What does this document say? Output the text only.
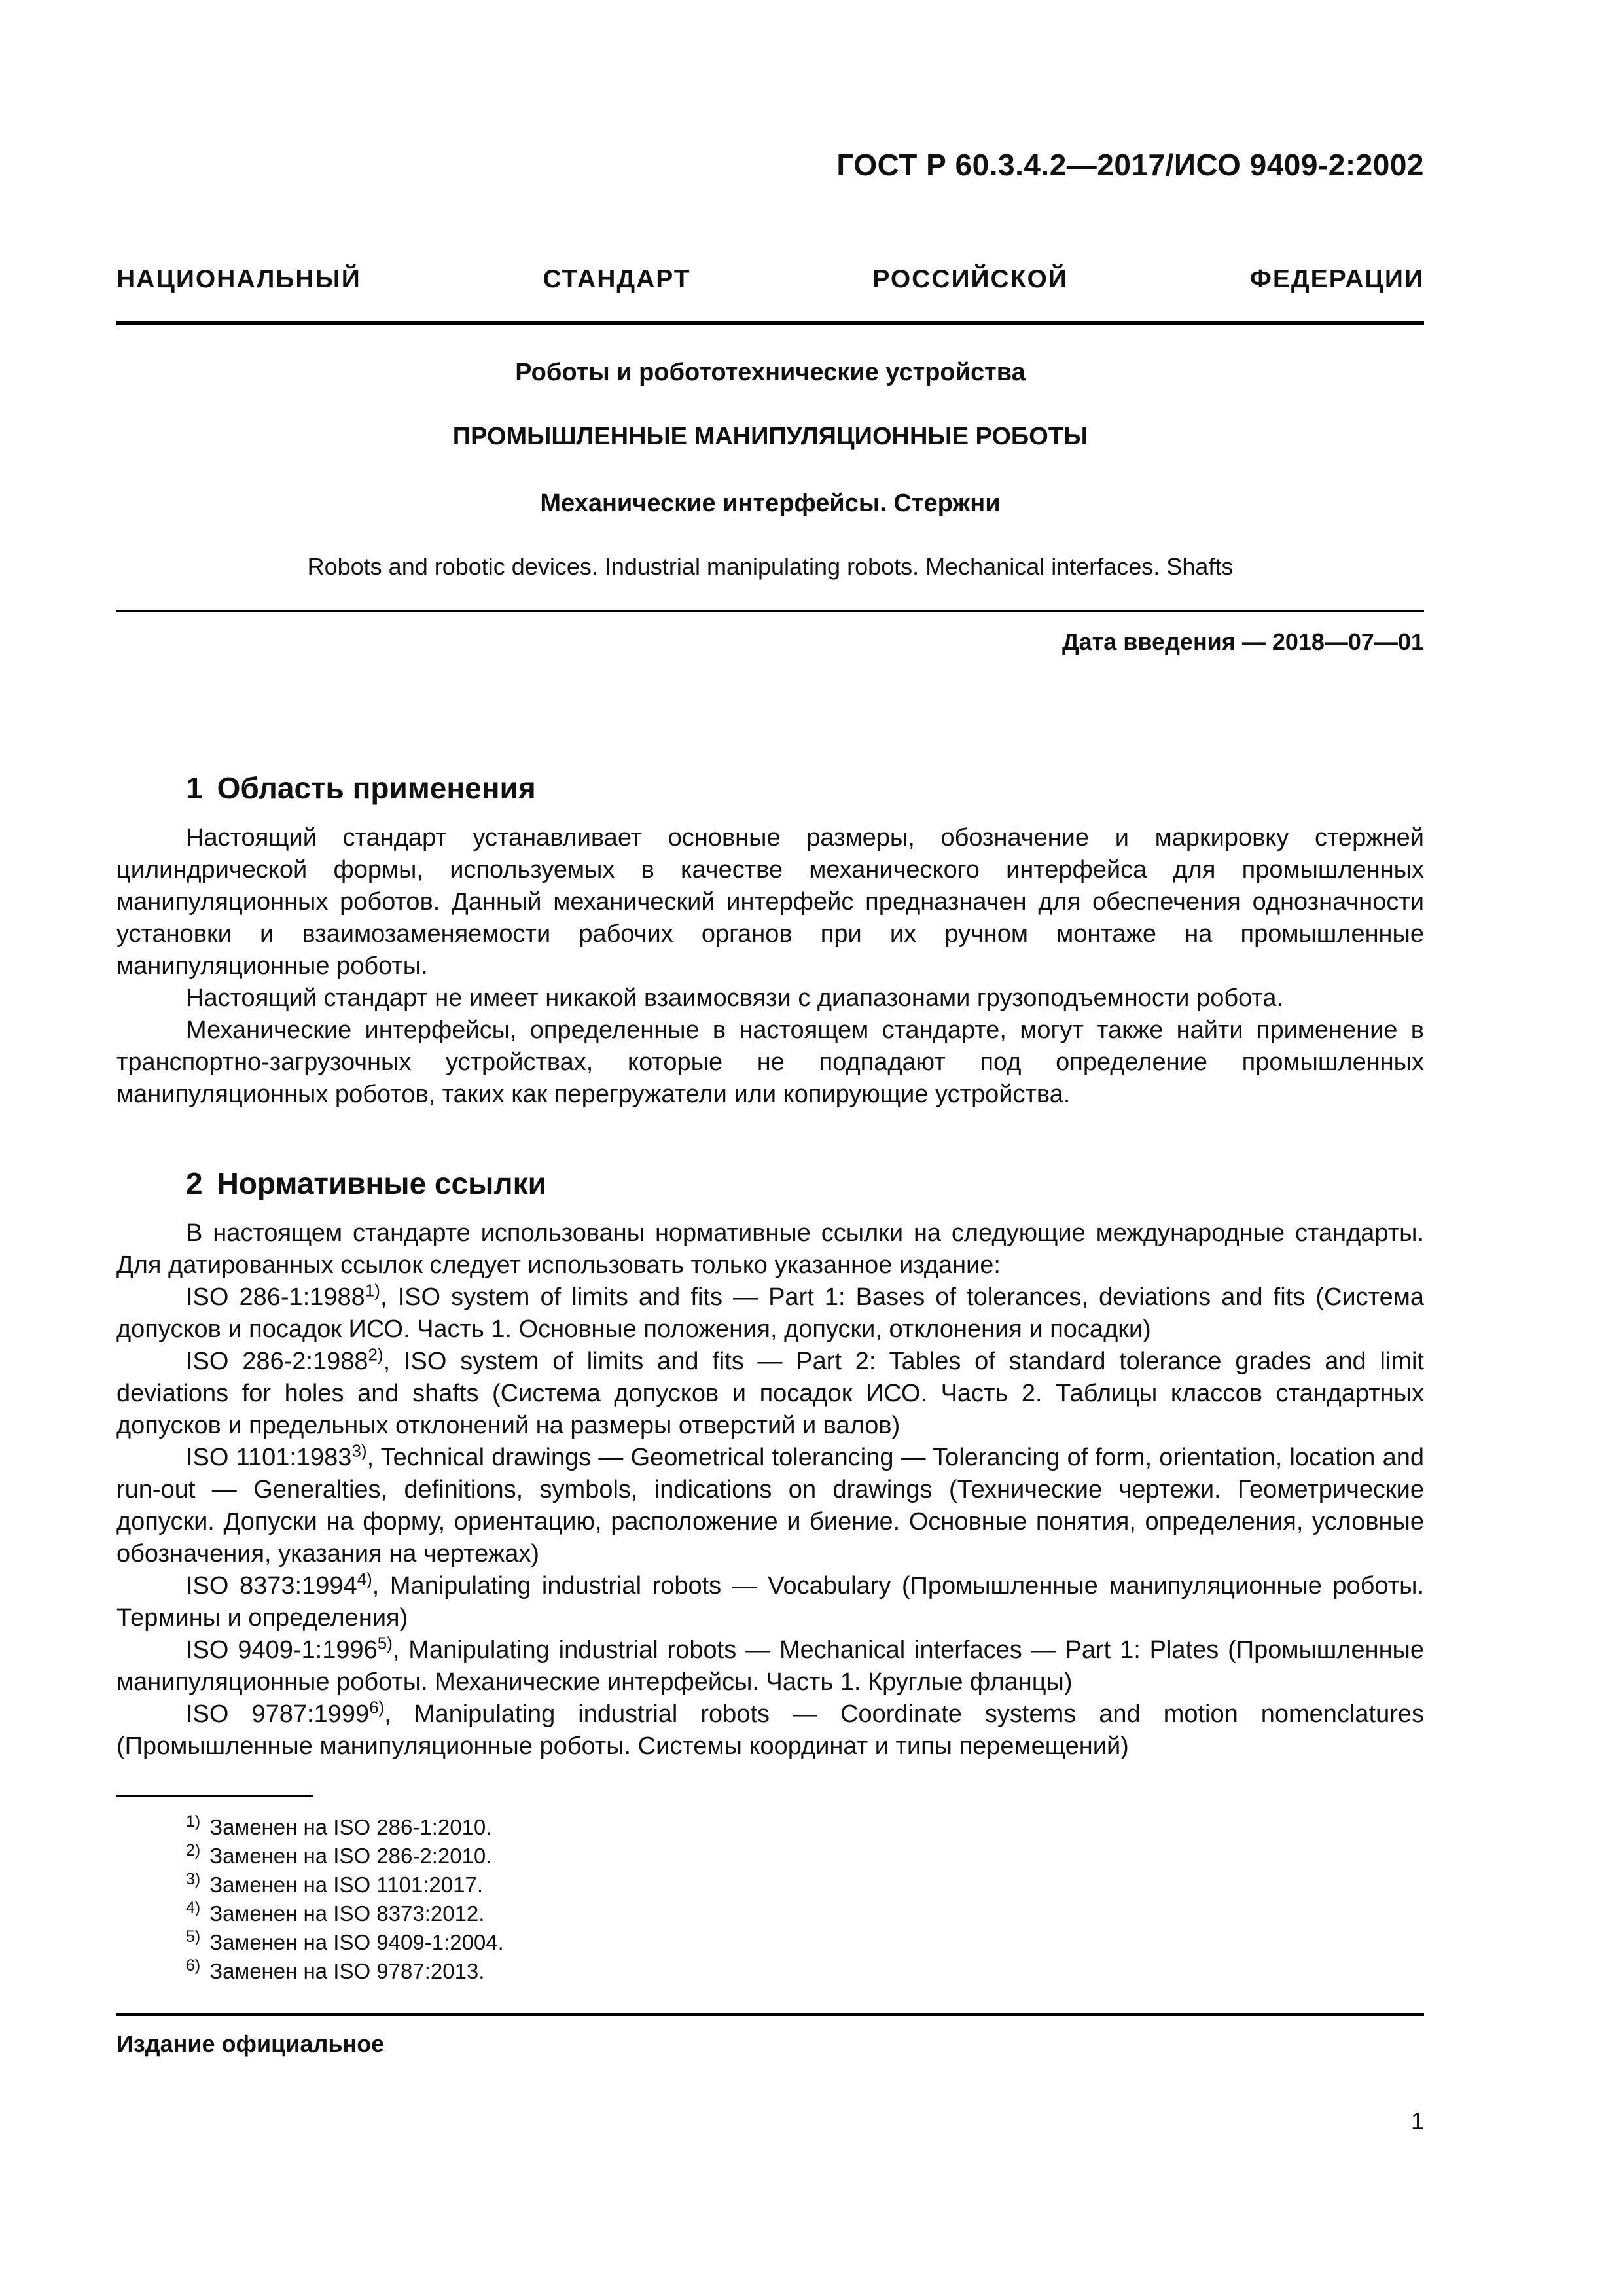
ГОСТ Р 60.3.4.2—2017/ИСО 9409-2:2002
НАЦИОНАЛЬНЫЙ СТАНДАРТ РОССИЙСКОЙ ФЕДЕРАЦИИ
Роботы и робототехнические устройства
ПРОМЫШЛЕННЫЕ МАНИПУЛЯЦИОННЫЕ РОБОТЫ
Механические интерфейсы. Стержни
Robots and robotic devices. Industrial manipulating robots. Mechanical interfaces. Shafts
Дата введения — 2018—07—01
1 Область применения

Настоящий стандарт устанавливает основные размеры, обозначение и маркировку стержней цилиндрической формы, используемых в качестве механического интерфейса для промышленных манипуляционных роботов. Данный механический интерфейс предназначен для обеспечения однозначности установки и взаимозаменяемости рабочих органов при их ручном монтаже на промышленные манипуляционные роботы.

Настоящий стандарт не имеет никакой взаимосвязи с диапазонами грузоподъемности робота.

Механические интерфейсы, определенные в настоящем стандарте, могут также найти применение в транспортно-загрузочных устройствах, которые не подпадают под определение промышленных манипуляционных роботов, таких как перегружатели или копирующие устройства.

2 Нормативные ссылки

В настоящем стандарте использованы нормативные ссылки на следующие международные стандарты. Для датированных ссылок следует использовать только указанное издание:

ISO 286-1:1988$^{1)}$, ISO system of limits and fits — Part 1: Bases of tolerances, deviations and fits (Система допусков и посадок ИСО. Часть 1. Основные положения, допуски, отклонения и посадки)

ISO 286-2:1988$^{2)}$, ISO system of limits and fits — Part 2: Tables of standard tolerance grades and limit deviations for holes and shafts (Система допусков и посадок ИСО. Часть 2. Таблицы классов стандартных допусков и предельных отклонений на размеры отверстий и валов)

ISO 1101:1983$^{3)}$, Technical drawings — Geometrical tolerancing — Tolerancing of form, orientation, location and run-out — Generalties, definitions, symbols, indications on drawings (Технические чертежи. Геометрические допуски. Допуски на форму, ориентацию, расположение и биение. Основные понятия, определения, условные обозначения, указания на чертежах)

ISO 8373:1994$^{4)}$, Manipulating industrial robots — Vocabulary (Промышленные манипуляционные роботы. Термины и определения)

ISO 9409-1:1996$^{5)}$, Manipulating industrial robots — Mechanical interfaces — Part 1: Plates (Промышленные манипуляционные роботы. Механические интерфейсы. Часть 1. Круглые фланцы)

ISO 9787:1999$^{6)}$, Manipulating industrial robots — Coordinate systems and motion nomenclatures (Промышленные манипуляционные роботы. Системы координат и типы перемещений)

$^{1)}$ Заменен на ISO 286-1:2010.
$^{2)}$ Заменен на ISO 286-2:2010.
$^{3)}$ Заменен на ISO 1101:2017.
$^{4)}$ Заменен на ISO 8373:2012.
$^{5)}$ Заменен на ISO 9409-1:2004.
$^{6)}$ Заменен на ISO 9787:2013.
Издание официальное
1
